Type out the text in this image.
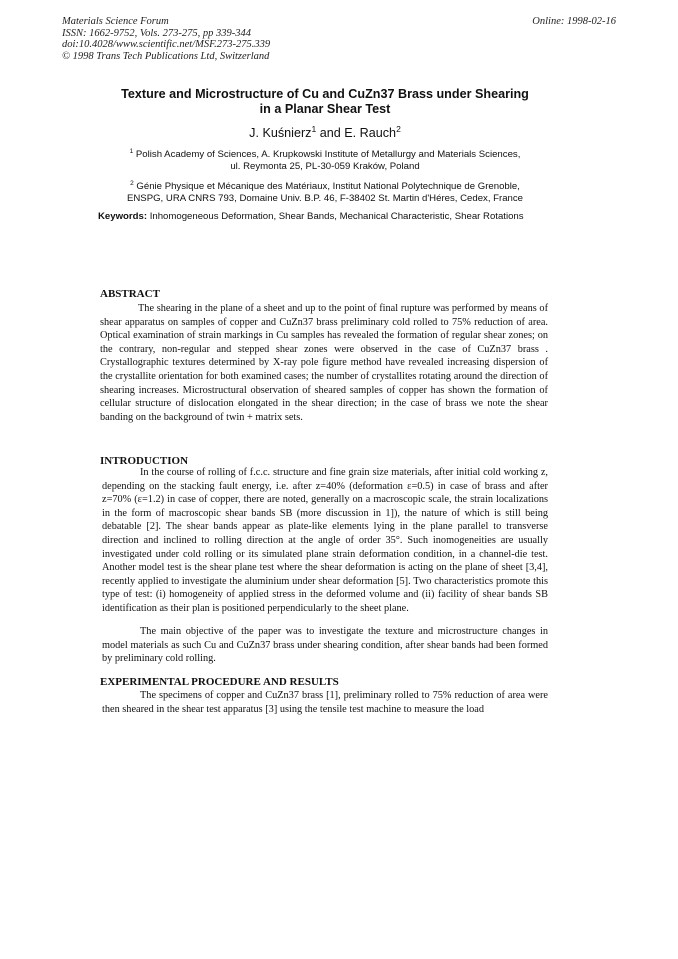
Materials Science Forum
ISSN: 1662-9752, Vols. 273-275, pp 339-344
doi:10.4028/www.scientific.net/MSF.273-275.339
© 1998 Trans Tech Publications Ltd, Switzerland
Online: 1998-02-16
Texture and Microstructure of Cu and CuZn37 Brass under Shearing
in a Planar Shear Test
J. Kuśnierz$^1$ and E. Rauch$^2$
$^1$ Polish Academy of Sciences, A. Krupkowski Institute of Metallurgy and Materials Sciences,
ul. Reymonta 25, PL-30-059 Kraków, Poland
$^2$ Génie Physique et Mécanique des Matériaux, Institut National Polytechnique de Grenoble,
ENSPG, URA CNRS 793, Domaine Univ. B.P. 46, F-38402 St. Martin d'Héres, Cedex, France
Keywords: Inhomogeneous Deformation, Shear Bands, Mechanical Characteristic, Shear Rotations
ABSTRACT
The shearing in the plane of a sheet and up to the point of final rupture was performed by means of shear apparatus on samples of copper and CuZn37 brass preliminary cold rolled to 75% reduction of area. Optical examination of strain markings in Cu samples has revealed the formation of regular shear zones; on the contrary, non-regular and stepped shear zones were observed in the case of CuZn37 brass . Crystallographic textures determined by X-ray pole figure method have revealed increasing dispersion of the crystallite orientation for both examined cases; the number of crystallites rotating around the direction of shearing increases. Microstructural observation of sheared samples of copper has shown the formation of cellular structure of dislocation elongated in the shear direction; in the case of brass we note the shear banding on the background of twin + matrix sets.
INTRODUCTION
In the course of rolling of f.c.c. structure and fine grain size materials, after initial cold working z, depending on the stacking fault energy, i.e. after z=40% (deformation ε=0.5) in case of brass and after z=70% (ε=1.2) in case of copper, there are noted, generally on a macroscopic scale, the strain localizations in the form of macroscopic shear bands SB (more discussion in 1]), the nature of which is still being debatable [2]. The shear bands appear as plate-like elements lying in the plane parallel to transverse direction and inclined to rolling direction at the angle of order 35°. Such inomogeneities are usually investigated under cold rolling or its simulated plane strain deformation condition, in a channel-die test. Another model test is the shear plane test where the shear deformation is acting on the plane of sheet [3,4], recently applied to investigate the aluminium under shear deformation [5]. Two characteristics promote this type of test: (i) homogeneity of applied stress in the deformed volume and (ii) facility of shear bands SB identification as their plan is positioned perpendicularly to the sheet plane.
The main objective of the paper was to investigate the texture and microstructure changes in model materials as such Cu and CuZn37 brass under shearing condition, after shear bands had been formed by preliminary cold rolling.
EXPERIMENTAL PROCEDURE AND RESULTS
The specimens of copper and CuZn37 brass [1], preliminary rolled to 75% reduction of area were then sheared in the shear test apparatus [3] using the tensile test machine to measure the load
